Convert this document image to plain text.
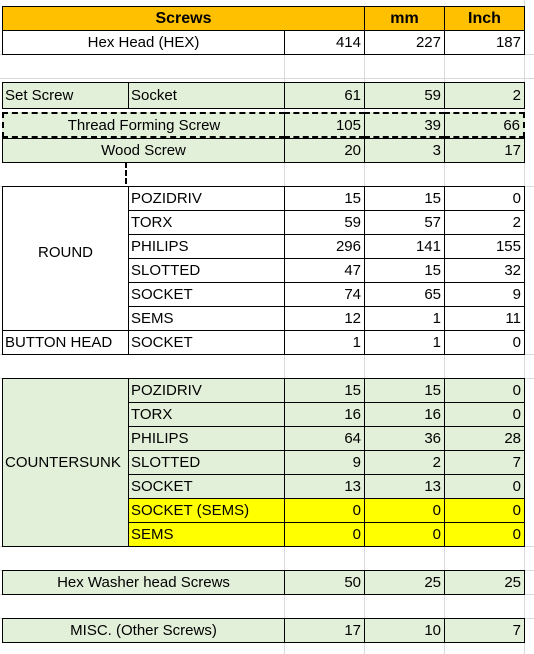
Screws	mm	Inch
Hex Head (HEX)	414	227	187
Set Screw	Socket	61	59	2
Thread Forming Screw	105	39	66
Wood Screw	20	3	17
ROUND
POZIDRIV	15	15	0
TORX	59	57	2
PHILIPS	296	141	155
SLOTTED	47	15	32
SOCKET	74	65	9
SEMS	12	1	11
BUTTON HEAD	SOCKET	1	1	0
COUNTERSUNK
POZIDRIV	15	15	0
TORX	16	16	0
PHILIPS	64	36	28
SLOTTED	9	2	7
SOCKET	13	13	0
SOCKET (SEMS)	0	0	0
SEMS	0	0	0
Hex Washer head Screws	50	25	25
MISC. (Other Screws)	17	10	7
